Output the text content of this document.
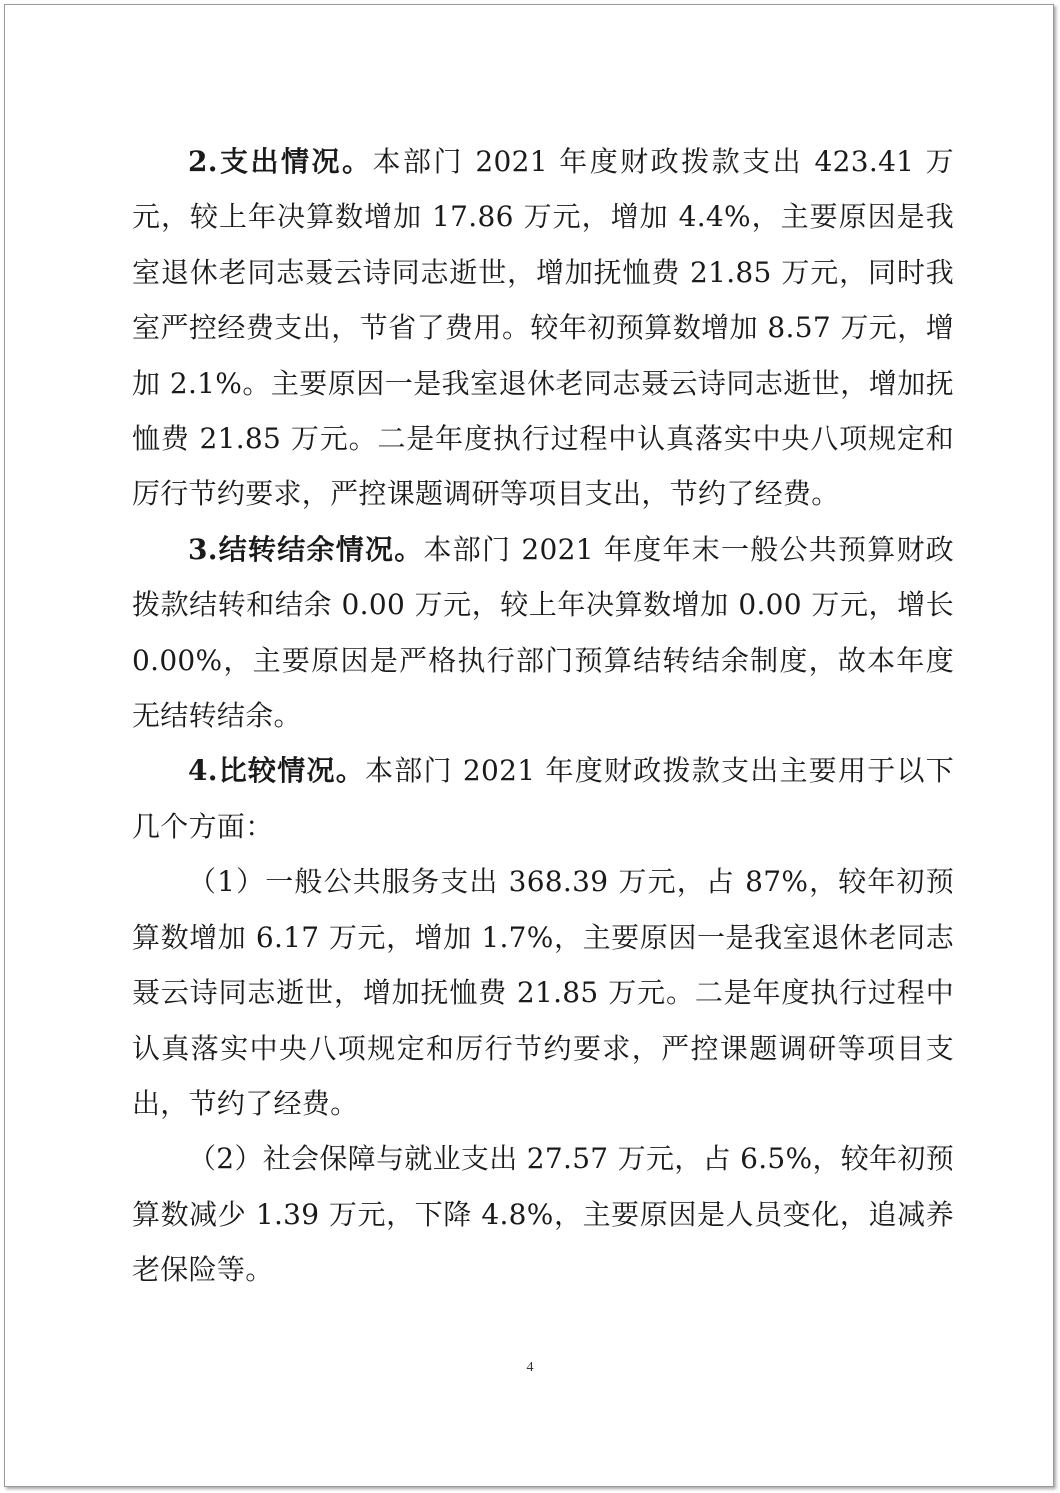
2.支出情况。本部门 2021 年度财政拨款支出 423.41 万元，较上年决算数增加 17.86 万元，增加 4.4%，主要原因是我室退休老同志聂云诗同志逝世，增加抚恤费 21.85 万元，同时我室严控经费支出，节省了费用。较年初预算数增加 8.57 万元，增加 2.1%。主要原因一是我室退休老同志聂云诗同志逝世，增加抚恤费 21.85 万元。二是年度执行过程中认真落实中央八项规定和厉行节约要求，严控课题调研等项目支出，节约了经费。

3.结转结余情况。本部门 2021 年度年末一般公共预算财政拨款结转和结余 0.00 万元，较上年决算数增加 0.00 万元，增长 0.00%，主要原因是严格执行部门预算结转结余制度，故本年度无结转结余。

4.比较情况。本部门 2021 年度财政拨款支出主要用于以下几个方面：

（1）一般公共服务支出 368.39 万元，占 87%，较年初预算数增加 6.17 万元，增加 1.7%，主要原因一是我室退休老同志聂云诗同志逝世，增加抚恤费 21.85 万元。二是年度执行过程中认真落实中央八项规定和厉行节约要求，严控课题调研等项目支出，节约了经费。

（2）社会保障与就业支出 27.57 万元，占 6.5%，较年初预算数减少 1.39 万元，下降 4.8%，主要原因是人员变化，追减养老保险等。

4
